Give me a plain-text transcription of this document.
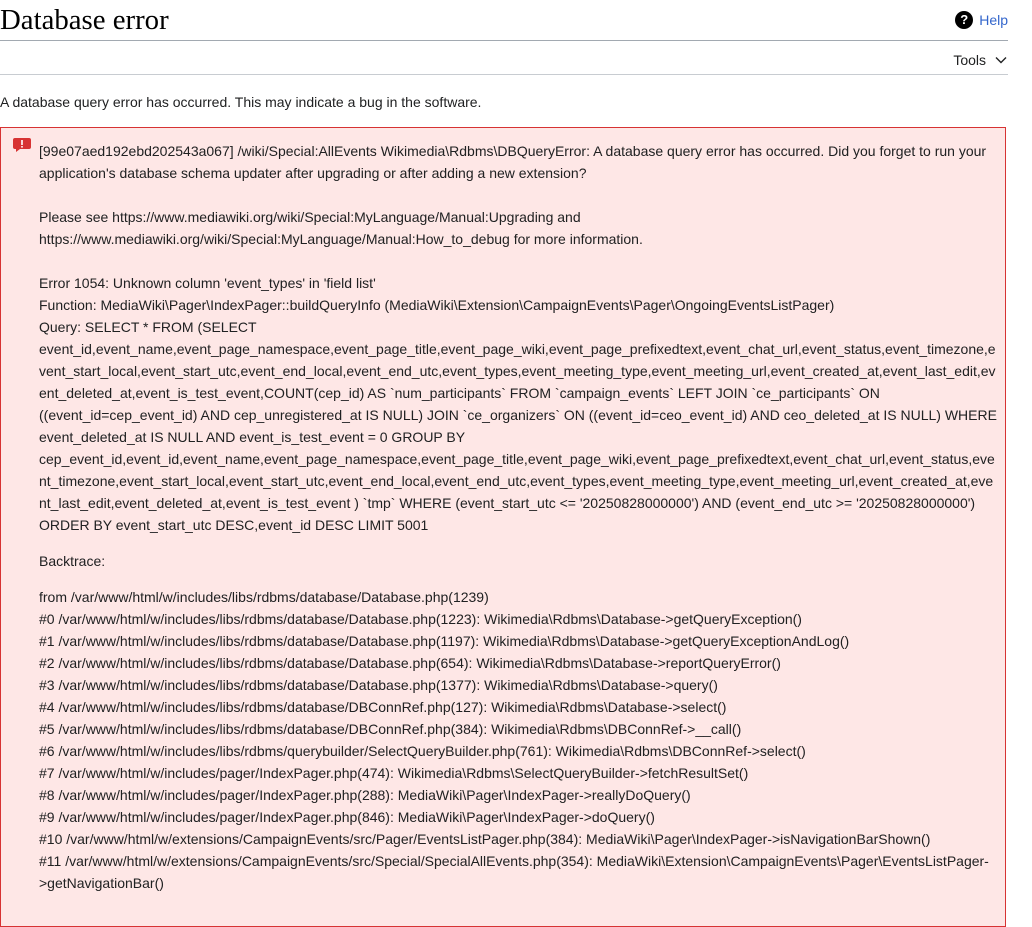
Database error	? Help
Tools

A database query error has occurred. This may indicate a bug in the software.

[99e07aed192ebd202543a067] /wiki/Special:AllEvents Wikimedia\Rdbms\DBQueryError: A database query error has occurred. Did you forget to run your application's database schema updater after upgrading or after adding a new extension?

Please see https://www.mediawiki.org/wiki/Special:MyLanguage/Manual:Upgrading and https://www.mediawiki.org/wiki/Special:MyLanguage/Manual:How_to_debug for more information.

Error 1054: Unknown column 'event_types' in 'field list'

Function: MediaWiki\Pager\IndexPager::buildQueryInfo (MediaWiki\Extension\CampaignEvents\Pager\OngoingEventsListPager)

Query: SELECT * FROM (SELECT event_id,event_name,event_page_namespace,event_page_title,event_page_wiki,event_page_prefixedtext,event_chat_url,event_status,event_timezone,event_start_local,event_start_utc,event_end_local,event_end_utc,event_types,event_meeting_type,event_meeting_url,event_created_at,event_last_edit,event_deleted_at,event_is_test_event,COUNT(cep_id) AS `num_participants` FROM `campaign_events` LEFT JOIN `ce_participants` ON ((event_id=cep_event_id) AND cep_unregistered_at IS NULL) JOIN `ce_organizers` ON ((event_id=ceo_event_id) AND ceo_deleted_at IS NULL) WHERE event_deleted_at IS NULL AND event_is_test_event = 0 GROUP BY cep_event_id,event_id,event_name,event_page_namespace,event_page_title,event_page_wiki,event_page_prefixedtext,event_chat_url,event_status,event_timezone,event_start_local,event_start_utc,event_end_local,event_end_utc,event_types,event_meeting_type,event_meeting_url,event_created_at,event_last_edit,event_deleted_at,event_is_test_event ) `tmp` WHERE (event_start_utc <= '20250828000000') AND (event_end_utc >= '20250828000000') ORDER BY event_start_utc DESC,event_id DESC LIMIT 5001

Backtrace:

from /var/www/html/w/includes/libs/rdbms/database/Database.php(1239)
#0 /var/www/html/w/includes/libs/rdbms/database/Database.php(1223): Wikimedia\Rdbms\Database->getQueryException()
#1 /var/www/html/w/includes/libs/rdbms/database/Database.php(1197): Wikimedia\Rdbms\Database->getQueryExceptionAndLog()
#2 /var/www/html/w/includes/libs/rdbms/database/Database.php(654): Wikimedia\Rdbms\Database->reportQueryError()
#3 /var/www/html/w/includes/libs/rdbms/database/Database.php(1377): Wikimedia\Rdbms\Database->query()
#4 /var/www/html/w/includes/libs/rdbms/database/DBConnRef.php(127): Wikimedia\Rdbms\Database->select()
#5 /var/www/html/w/includes/libs/rdbms/database/DBConnRef.php(384): Wikimedia\Rdbms\DBConnRef->__call()
#6 /var/www/html/w/includes/libs/rdbms/querybuilder/SelectQueryBuilder.php(761): Wikimedia\Rdbms\DBConnRef->select()
#7 /var/www/html/w/includes/pager/IndexPager.php(474): Wikimedia\Rdbms\SelectQueryBuilder->fetchResultSet()
#8 /var/www/html/w/includes/pager/IndexPager.php(288): MediaWiki\Pager\IndexPager->reallyDoQuery()
#9 /var/www/html/w/includes/pager/IndexPager.php(846): MediaWiki\Pager\IndexPager->doQuery()
#10 /var/www/html/w/extensions/CampaignEvents/src/Pager/EventsListPager.php(384): MediaWiki\Pager\IndexPager->isNavigationBarShown()
#11 /var/www/html/w/extensions/CampaignEvents/src/Special/SpecialAllEvents.php(354): MediaWiki\Extension\CampaignEvents\Pager\EventsListPager->getNavigationBar()
